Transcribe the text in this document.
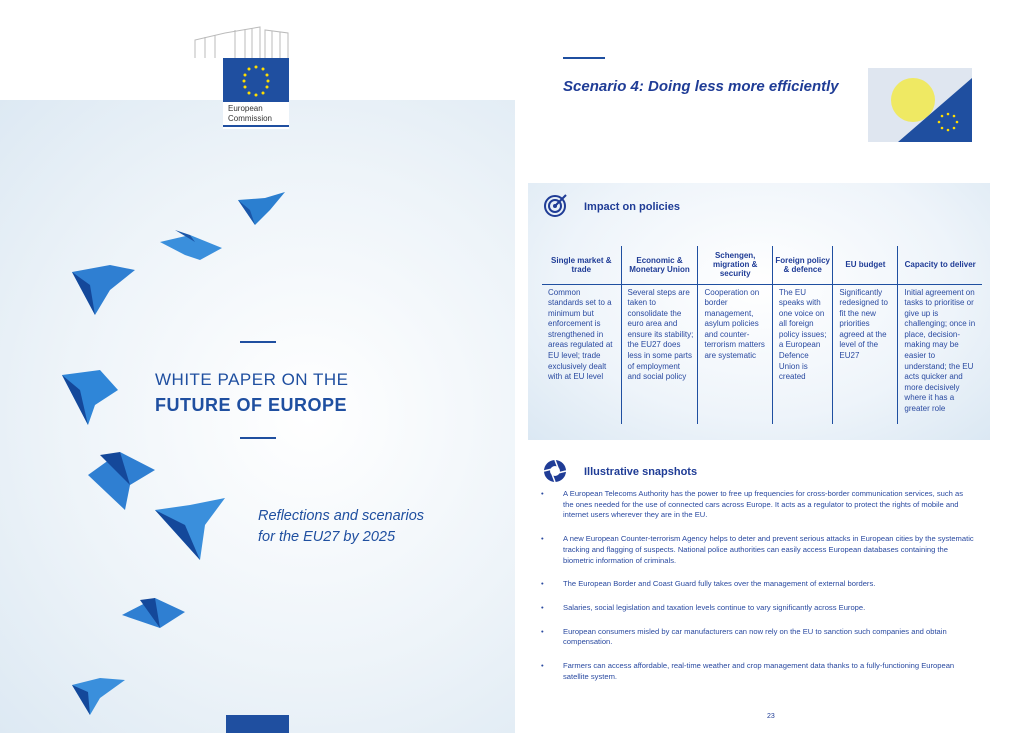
European
Commission
WHITE PAPER ON THE
FUTURE OF EUROPE
Reflections and scenarios
for the EU27 by 2025
Scenario 4: Doing less more efficiently
Impact on policies
Single market & trade	Economic & Monetary Union	Schengen, migration & security	Foreign policy & defence	EU budget	Capacity to deliver
Common standards set to a minimum but enforcement is strengthened in areas regulated at EU level; trade exclusively dealt with at EU level	Several steps are taken to consolidate the euro area and ensure its stability; the EU27 does less in some parts of employment and social policy	Cooperation on border management, asylum policies and counter-terrorism matters are systematic	The EU speaks with one voice on all foreign policy issues; a European Defence Union is created	Significantly redesigned to fit the new priorities agreed at the level of the EU27	Initial agreement on tasks to prioritise or give up is challenging; once in place, decision-making may be easier to understand; the EU acts quicker and more decisively where it has a greater role
Illustrative snapshots
• A European Telecoms Authority has the power to free up frequencies for cross-border communication services, such as the ones needed for the use of connected cars across Europe. It acts as a regulator to protect the rights of mobile and internet users wherever they are in the EU.
• A new European Counter-terrorism Agency helps to deter and prevent serious attacks in European cities by the systematic tracking and flagging of suspects. National police authorities can easily access European databases containing the biometric information of criminals.
• The European Border and Coast Guard fully takes over the management of external borders.
• Salaries, social legislation and taxation levels continue to vary significantly across Europe.
• European consumers misled by car manufacturers can now rely on the EU to sanction such companies and obtain compensation.
• Farmers can access affordable, real-time weather and crop management data thanks to a fully-functioning European satellite system.
23
